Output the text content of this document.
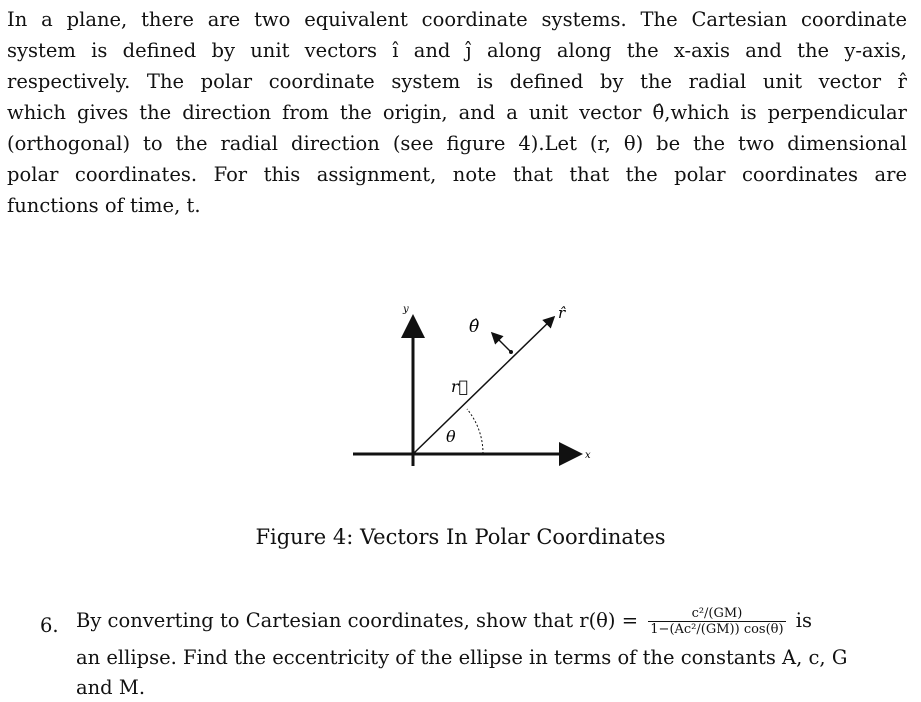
In a plane, there are two equivalent coordinate systems. The Cartesian coordinate
system is defined by unit vectors î and ĵ along along the x-axis and the y-axis,
respectively. The polar coordinate system is defined by the radial unit vector r̂
which gives the direction from the origin, and a unit vector θ̂,which is perpendicular
(orthogonal) to the radial direction (see figure 4).Let (r, θ) be the two dimensional
polar coordinates. For this assignment, note that that the polar coordinates are
functions of time, t.
y
x
θ̂
r̂
r⃗
θ
Figure 4: Vectors In Polar Coordinates
6. By converting to Cartesian coordinates, show that $r(\theta) = \frac{\text{c²/(GM)}}{\text{1−(Ac²/(GM)) cos(θ)}}$ is
an ellipse. Find the eccentricity of the ellipse in terms of the constants A, c, G
and M.
